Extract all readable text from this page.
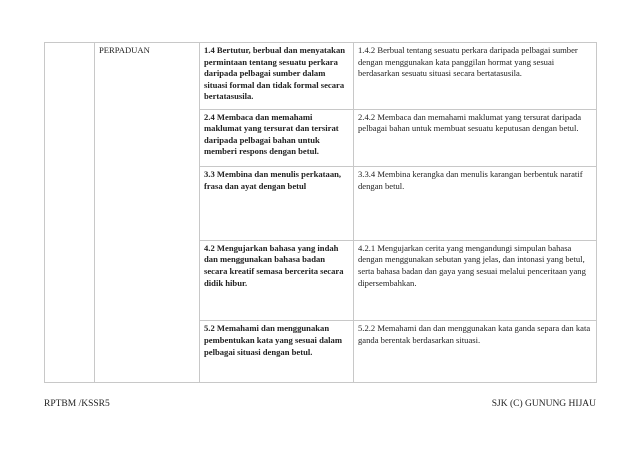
	PERPADUAN	1.4 Bertutur, berbual dan menyatakan permintaan tentang sesuatu perkara daripada pelbagai sumber dalam situasi formal dan tidak formal secara bertatasusila.	1.4.2 Berbual tentang sesuatu perkara daripada pelbagai sumber dengan menggunakan kata panggilan hormat yang sesuai berdasarkan sesuatu situasi secara bertatasusila.
		2.4 Membaca dan memahami maklumat yang tersurat dan tersirat daripada pelbagai bahan untuk memberi respons dengan betul.	2.4.2 Membaca dan memahami maklumat yang tersurat daripada pelbagai bahan untuk membuat sesuatu keputusan dengan betul.
		3.3 Membina dan menulis perkataan, frasa dan ayat dengan betul	3.3.4 Membina kerangka dan menulis karangan berbentuk naratif dengan betul.
		4.2 Mengujarkan bahasa yang indah dan menggunakan bahasa badan secara kreatif semasa bercerita secara didik hibur.	4.2.1 Mengujarkan cerita yang mengandungi simpulan bahasa dengan menggunakan sebutan yang jelas, dan intonasi yang betul, serta bahasa badan dan gaya yang sesuai melalui penceritaan yang dipersembahkan.
		5.2 Memahami dan menggunakan pembentukan kata yang sesuai dalam pelbagai situasi dengan betul.	5.2.2 Memahami dan dan menggunakan kata ganda separa dan kata ganda berentak berdasarkan situasi.
RPTBM /KSSR5	SJK (C) GUNUNG HIJAU
